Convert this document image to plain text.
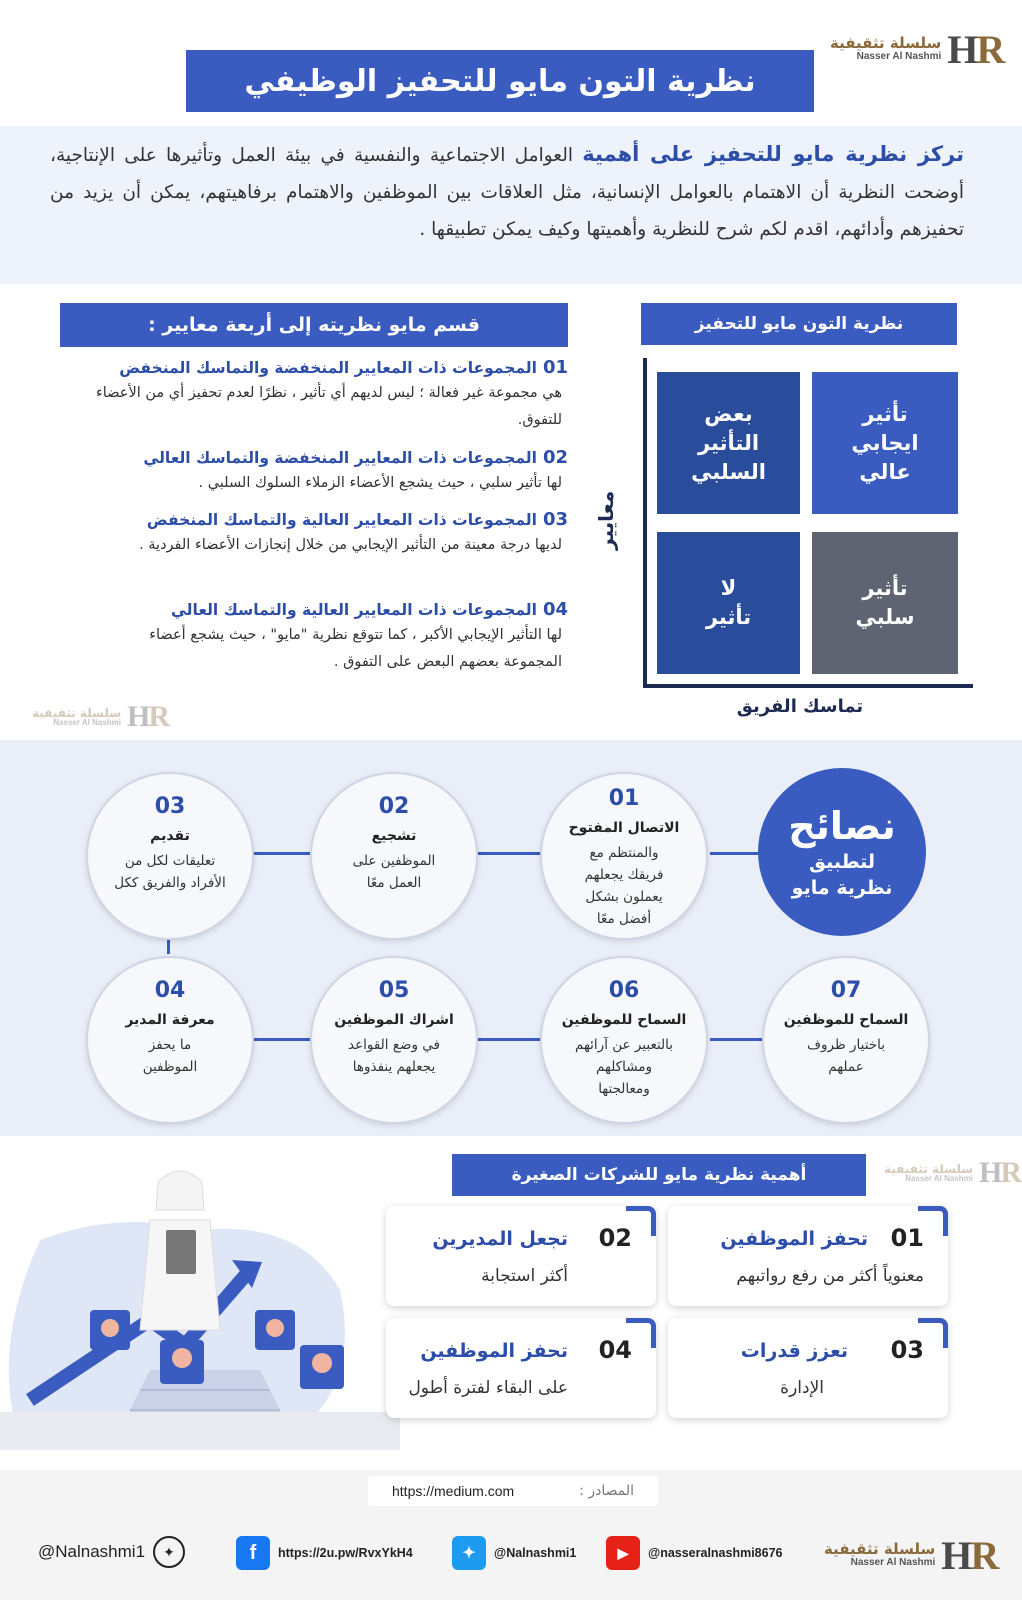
سلسلة تثقيفية
Nasser Al Nashmi HR
نظرية التون مايو للتحفيز الوظيفي
تركز نظرية مايو للتحفيز على أهمية العوامل الاجتماعية والنفسية في بيئة العمل وتأثيرها على الإنتاجية، أوضحت النظرية أن الاهتمام بالعوامل الإنسانية، مثل العلاقات بين الموظفين والاهتمام برفاهيتهم، يمكن أن يزيد من تحفيزهم وأدائهم، اقدم لكم شرح للنظرية وأهميتها وكيف يمكن تطبيقها .
قسم مايو نظريته إلى أربعة معايير :
01المجموعات ذات المعايير المنخفضة والتماسك المنخفض
هي مجموعة غير فعالة ؛ ليس لديهم أي تأثير ، نظرًا لعدم تحفيز أي من الأعضاء للتفوق.
02المجموعات ذات المعايير المنخفضة والتماسك العالي
لها تأثير سلبي ، حيث يشجع الأعضاء الزملاء السلوك السلبي .
03المجموعات ذات المعايير العالية والتماسك المنخفض
لديها درجة معينة من التأثير الإيجابي من خلال إنجازات الأعضاء الفردية .
04المجموعات ذات المعايير العالية والتماسك العالي
لها التأثير الإيجابي الأكبر ، كما تتوقع نظرية "مايو" ، حيث يشجع أعضاء المجموعة بعضهم البعض على التفوق .
سلسلة تثقيفية
Nasser Al Nashmi HR
نظرية التون مايو للتحفيز
تأثير ايجابي عالي
بعض التأثير السلبي
تأثير سلبي
لا تأثير
معايير
تماسك الفريق
نصائح
لتطبيق
نظرية مايو
01
الاتصال المفتوح
والمنتظم مع فريقك يجعلهم يعملون بشكل أفضل معًا
02
تشجيع
الموظفين على العمل معًا
03
تقديم
تعليقات لكل من الأفراد والفريق ككل
04
معرفة المدير
ما يحفز الموظفين
05
اشراك الموظفين
في وضع القواعد يجعلهم ينفذوها
06
السماح للموظفين
بالتعبير عن آرائهم ومشاكلهم ومعالجتها
07
السماح للموظفين
باختيار ظروف عملهم
أهمية نظرية مايو للشركات الصغيرة	سلسلة تثقيفية
Nasser Al Nashmi HR
01
تحفز الموظفين
معنوياً أكثر من رفع رواتبهم
02
تجعل المديرين
أكثر استجابة
03
تعزز قدرات
الإدارة
04
تحفز الموظفين
على البقاء لفترة أطول
https://medium.com	المصادر :
سلسلة تثقيفية
Nasser Al Nashmi HR
▶	@nasseralnashmi8676
✦	@Nalnashmi1
f	https://2u.pw/RvxYkH4
@Nalnashmi1	✦
